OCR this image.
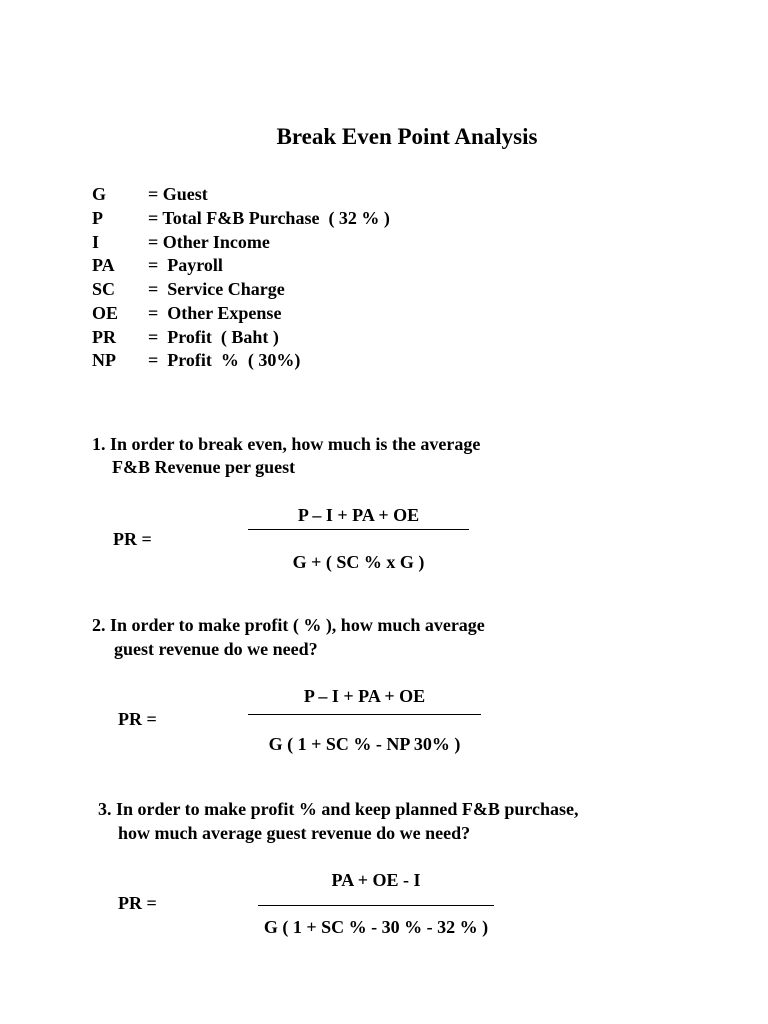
Break Even Point Analysis
G = Guest
P	= Total F&B Purchase  ( 32 % )
I	= Other Income
PA =  Payroll
SC =  Service Charge
OE =  Other Expense
PR =  Profit  ( Baht )
NP =  Profit  %  ( 30%)
1. In order to break even, how much is the average
F&B Revenue per guest
PR =
P – I + PA + OE
G + ( SC % x G )
2. In order to make profit ( % ), how much average
guest revenue do we need?
PR =
P – I + PA + OE
G ( 1 + SC % - NP 30% )
3. In order to make profit % and keep planned F&B purchase,
how much average guest revenue do we need?
PR =
PA + OE - I
G ( 1 + SC % - 30 % - 32 % )
